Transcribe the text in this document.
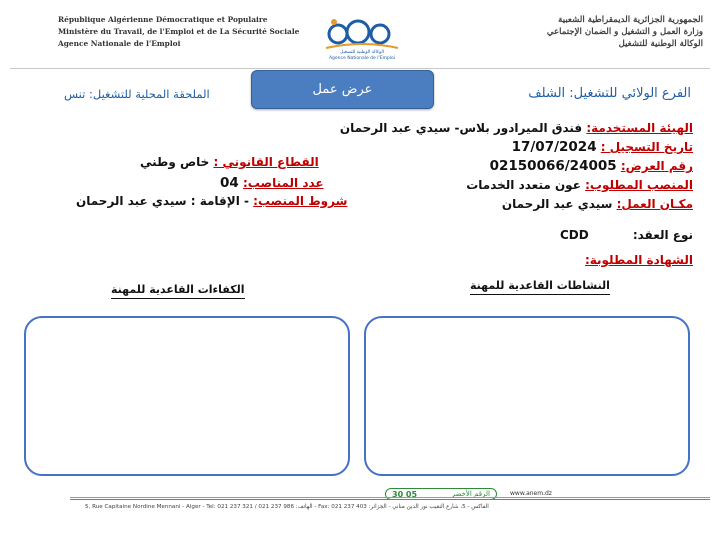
République Algérienne Démocratique et Populaire
Ministère du Travail, de l'Emploi et de La Sécurité Sociale
Agence Nationale de l'Emploi
الوكالة الوطنية للتشغيل
Agence Nationale de l'Emploi
الجمهورية الجزائرية الديمقراطية الشعبية
وزارة العمل و التشغيل و الضمان الإجتماعي
الوكالة الوطنية للتشغيل
عرض عمل	الفرع الولائي للتشغيل: الشلف
الملحقة المحلية للتشغيل: تنس
الهيئة المستخدمة: فندق الميرادور بلاس- سيدي عبد الرحمان
تاريخ التسجيل : 17/07/2024
رقم العرض: 02150066/24005
المنصب المطلوب: عون متعدد الخدمات
مكـان العمل: سيدي عبد الرحمان
القطاع القانوني : خاص وطني
عدد المناصب: 04
شروط المنصب: - الإقامة : سيدي عبد الرحمان
نوع العقد:
CDD
الشهادة المطلوبة:
النشاطات القاعدية للمهنة
الكفاءات القاعدية للمهنة
30 05	الرقم الأخضر	www.anem.dz
5, Rue Capitaine Nordine Mennani - Alger - Tel: 021 237 321 / 021 237 986 :الهاتف - Fax: 021 237 403 :الفاكس - 5، شارع النقيب نور الدين مناني - الجزائر
